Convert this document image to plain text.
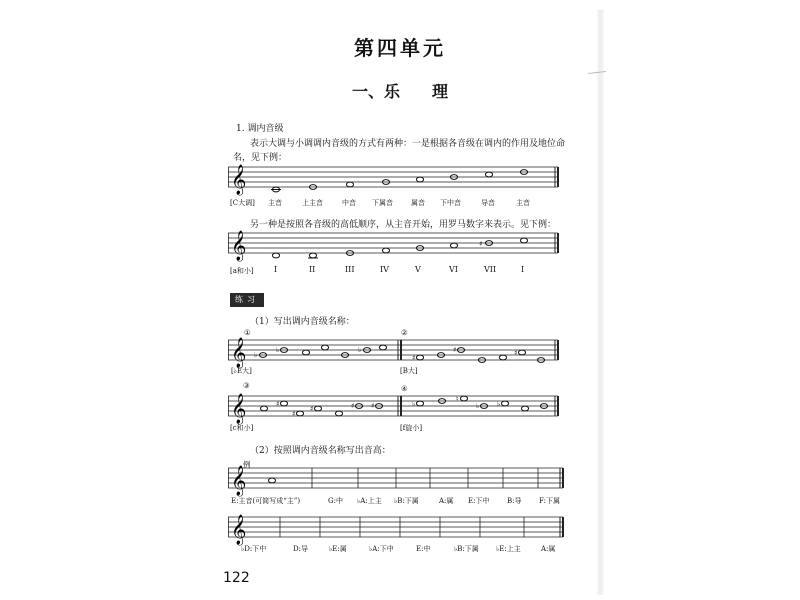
第四单元
一、乐 理
1. 调内音级
表示大调与小调调内音级的方式有两种：一是根据各音级在调内的作用及地位命
名，见下例：
𝄞
[C大调] 主音	上主音	中音 下属音	属音 下中音	导音	主音
另一种是按照各音级的高低顺序，从主音开始，用罗马数字来表示。见下例：
𝄞	♯
[a和小]	I	II	III	IV	V	VI	VII	I
练习
（1）写出调内音级名称：
①	②
𝄞 ♭
♭	♭
♯
♯	♯
[♭E大]	[B大]
③	④
𝄞	♯
♯
♯	♯ ♯	♭
♮
♭	♭
[c和小]	[f旋小]
（2）按照调内音级名称写出音高：
例
𝄞
E:主音(可简写成“主”)	G:中 ♭A:上主 ♭B:下属	A:属 E:下中	B:导 F:下属
𝄞
♭D:下中	D:导	♭E:属	♭A:下中	E:中	♭B:下属 ♭E:上主	A:属
122
